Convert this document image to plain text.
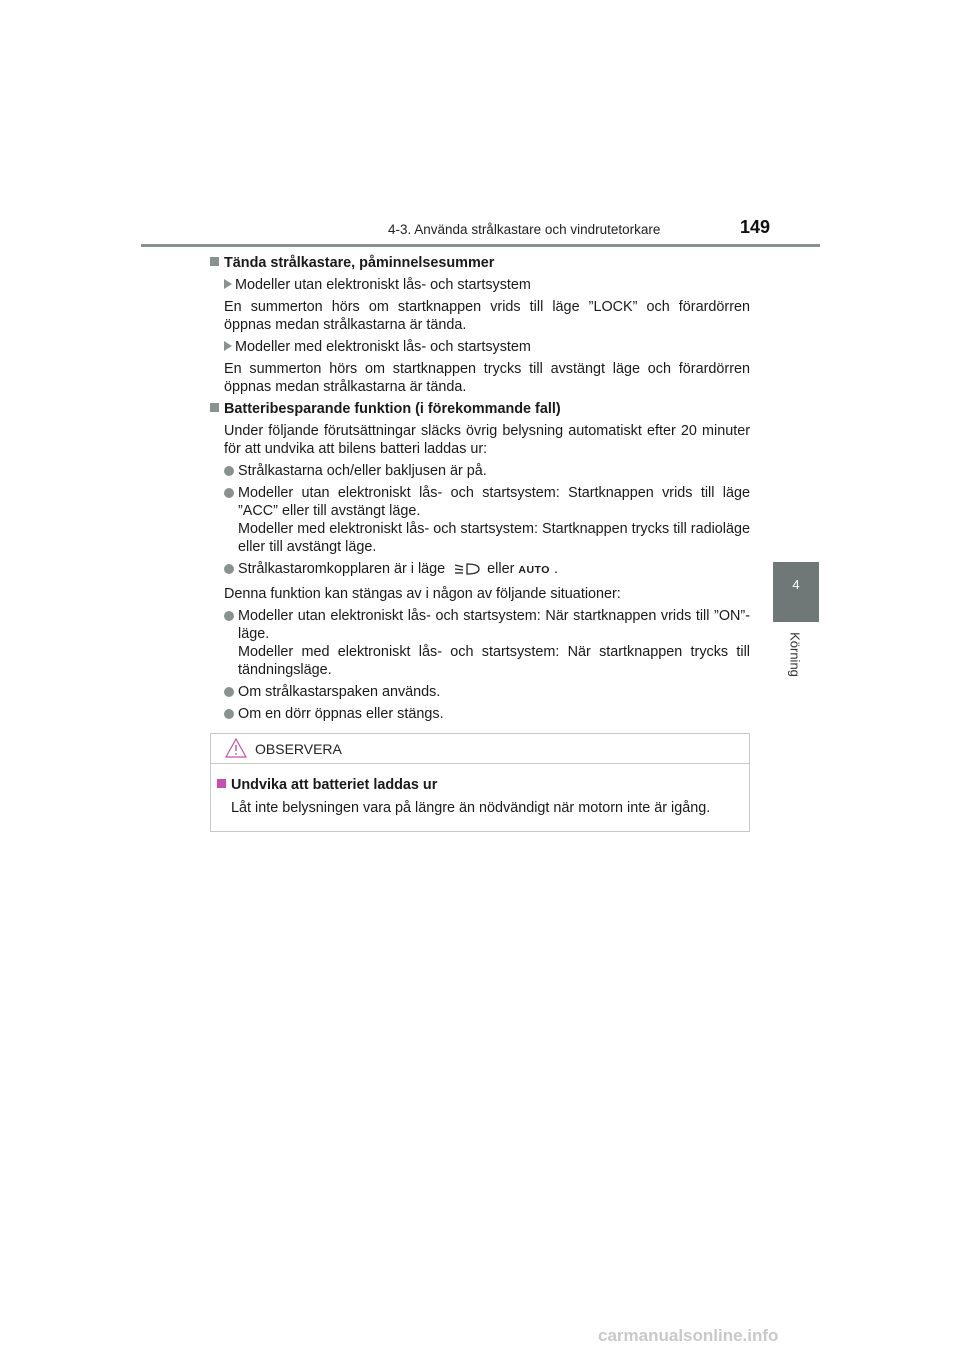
4-3. Använda strålkastare och vindrutetorkare	149
4
Körning
Tända strålkastare, påminnelsesummer
Modeller utan elektroniskt lås- och startsystem
En summerton hörs om startknappen vrids till läge ”LOCK” och förardörren öppnas medan strålkastarna är tända.
Modeller med elektroniskt lås- och startsystem
En summerton hörs om startknappen trycks till avstängt läge och förardörren öppnas medan strålkastarna är tända.
Batteribesparande funktion (i förekommande fall)
Under följande förutsättningar släcks övrig belysning automatiskt efter 20 minuter för att undvika att bilens batteri laddas ur:
Strålkastarna och/eller bakljusen är på.
Modeller utan elektroniskt lås- och startsystem: Startknappen vrids till läge ”ACC” eller till avstängt läge.
Modeller med elektroniskt lås- och startsystem: Startknappen trycks till radioläge eller till avstängt läge.
Strålkastaromkopplaren är i läge	eller AUTO .
Denna funktion kan stängas av i någon av följande situationer:
Modeller utan elektroniskt lås- och startsystem: När startknappen vrids till ”ON”-läge.
Modeller med elektroniskt lås- och startsystem: När startknappen trycks till tändningsläge.
Om strålkastarspaken används.
Om en dörr öppnas eller stängs.
OBSERVERA
Undvika att batteriet laddas ur
Låt inte belysningen vara på längre än nödvändigt när motorn inte är igång.
carmanualsonline.info
